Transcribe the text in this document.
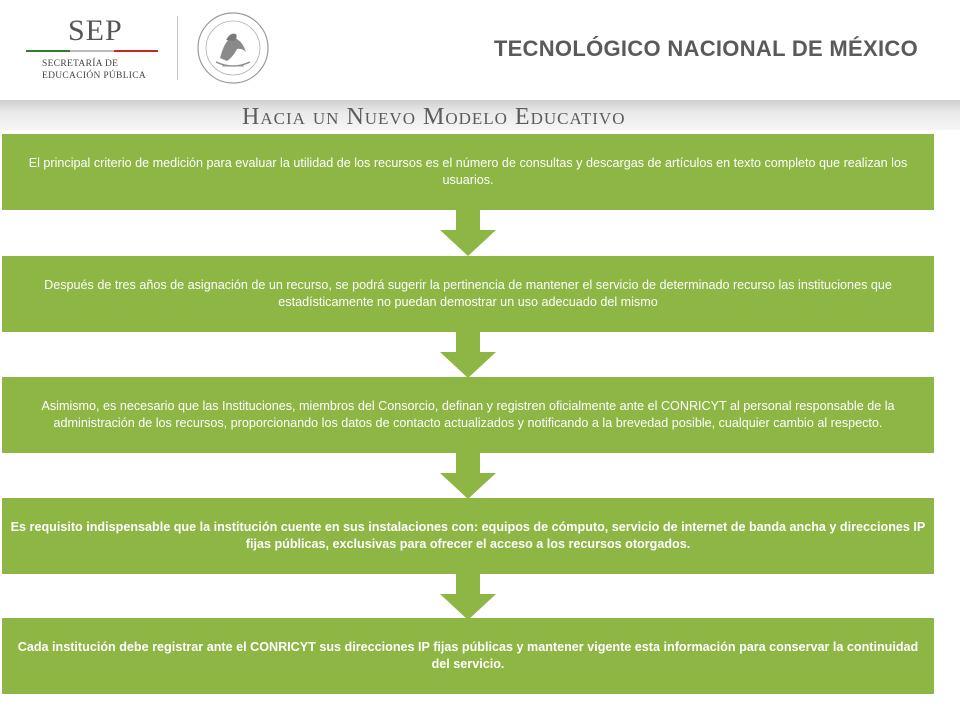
SEP
SECRETARÍA DE
EDUCACIÓN PÚBLICA
TECNOLÓGICO NACIONAL DE MÉXICO
Hacia un Nuevo Modelo Educativo
El principal criterio de medición para evaluar la utilidad de los recursos es el número de consultas y descargas de artículos en texto completo que realizan los usuarios.
Después de tres años de asignación de un recurso, se podrá sugerir la pertinencia de mantener el servicio de determinado recurso las instituciones que estadísticamente no puedan demostrar un uso adecuado del mismo
Asimismo, es necesario que las Instituciones, miembros del Consorcio, definan y registren oficialmente ante el CONRICYT al personal responsable de la administración de los recursos, proporcionando los datos de contacto actualizados y notificando a la brevedad posible, cualquier cambio al respecto.
Es requisito indispensable que la institución cuente en sus instalaciones con: equipos de cómputo, servicio de internet de banda ancha y direcciones IP fijas públicas, exclusivas para ofrecer el acceso a los recursos otorgados.
Cada institución debe registrar ante el CONRICYT sus direcciones IP fijas públicas y mantener vigente esta información para conservar la continuidad del servicio.
